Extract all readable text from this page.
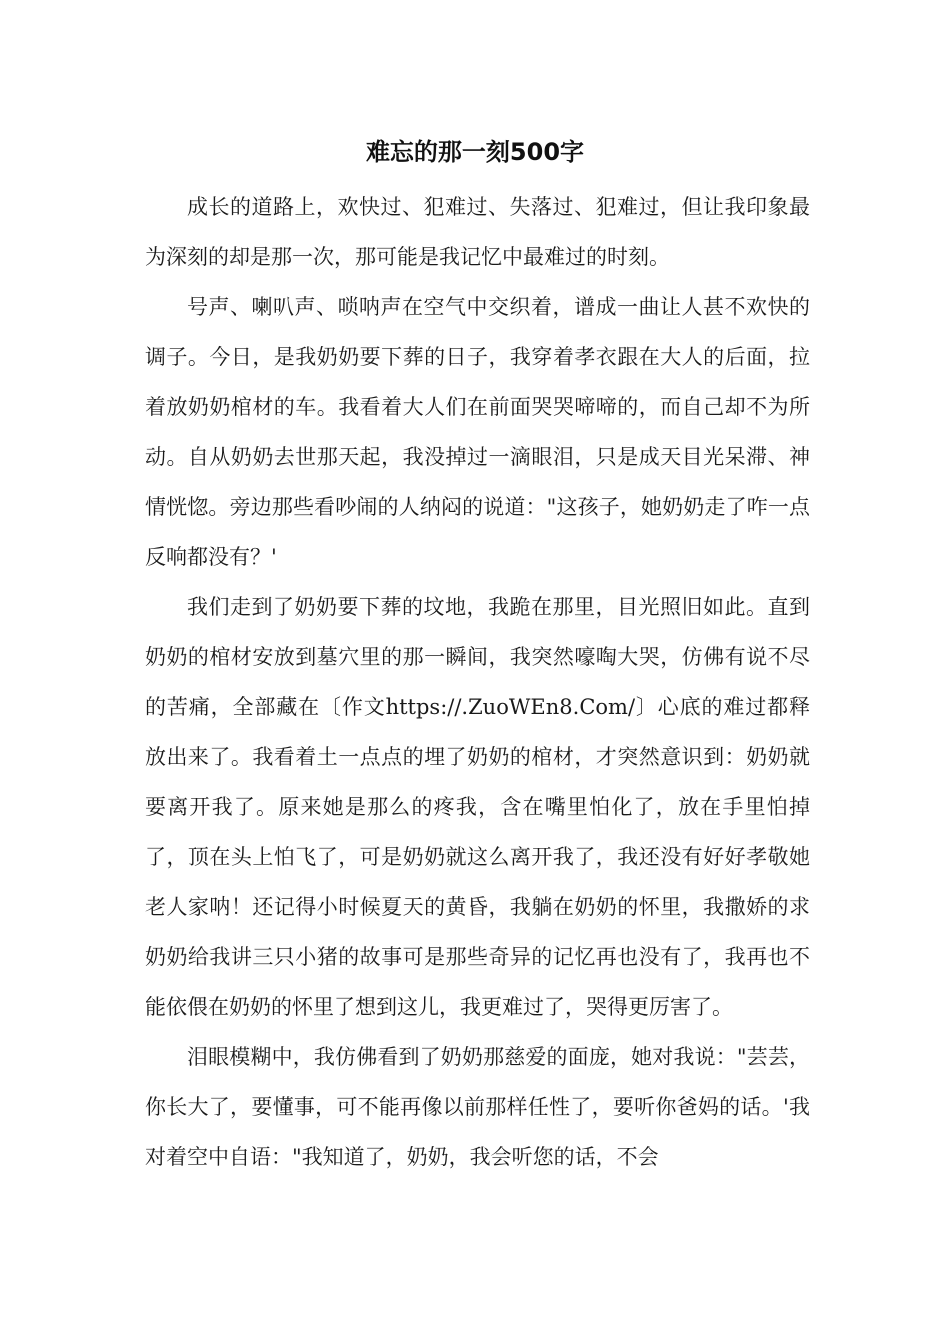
难忘的那一刻500字

成长的道路上，欢快过、犯难过、失落过、犯难过，但让我印象最为深刻的却是那一次，那可能是我记忆中最难过的时刻。

号声、喇叭声、唢呐声在空气中交织着，谱成一曲让人甚不欢快的调子。今日，是我奶奶要下葬的日子，我穿着孝衣跟在大人的后面，拉着放奶奶棺材的车。我看着大人们在前面哭哭啼啼的，而自己却不为所动。自从奶奶去世那天起，我没掉过一滴眼泪，只是成天目光呆滞、神情恍惚。旁边那些看吵闹的人纳闷的说道："这孩子，她奶奶走了咋一点反响都没有？'

我们走到了奶奶要下葬的坟地，我跪在那里，目光照旧如此。直到奶奶的棺材安放到墓穴里的那一瞬间，我突然嚎啕大哭，仿佛有说不尽的苦痛，全部藏在〔作文https://.ZuoWEn8.Com/〕心底的难过都释放出来了。我看着土一点点的埋了奶奶的棺材，才突然意识到：奶奶就要离开我了。原来她是那么的疼我，含在嘴里怕化了，放在手里怕掉了，顶在头上怕飞了，可是奶奶就这么离开我了，我还没有好好孝敬她老人家呐！还记得小时候夏天的黄昏，我躺在奶奶的怀里，我撒娇的求奶奶给我讲三只小猪的故事可是那些奇异的记忆再也没有了，我再也不能依偎在奶奶的怀里了想到这儿，我更难过了，哭得更厉害了。

泪眼模糊中，我仿佛看到了奶奶那慈爱的面庞，她对我说："芸芸，你长大了，要懂事，可不能再像以前那样任性了，要听你爸妈的话。'我对着空中自语："我知道了，奶奶，我会听您的话，不会
